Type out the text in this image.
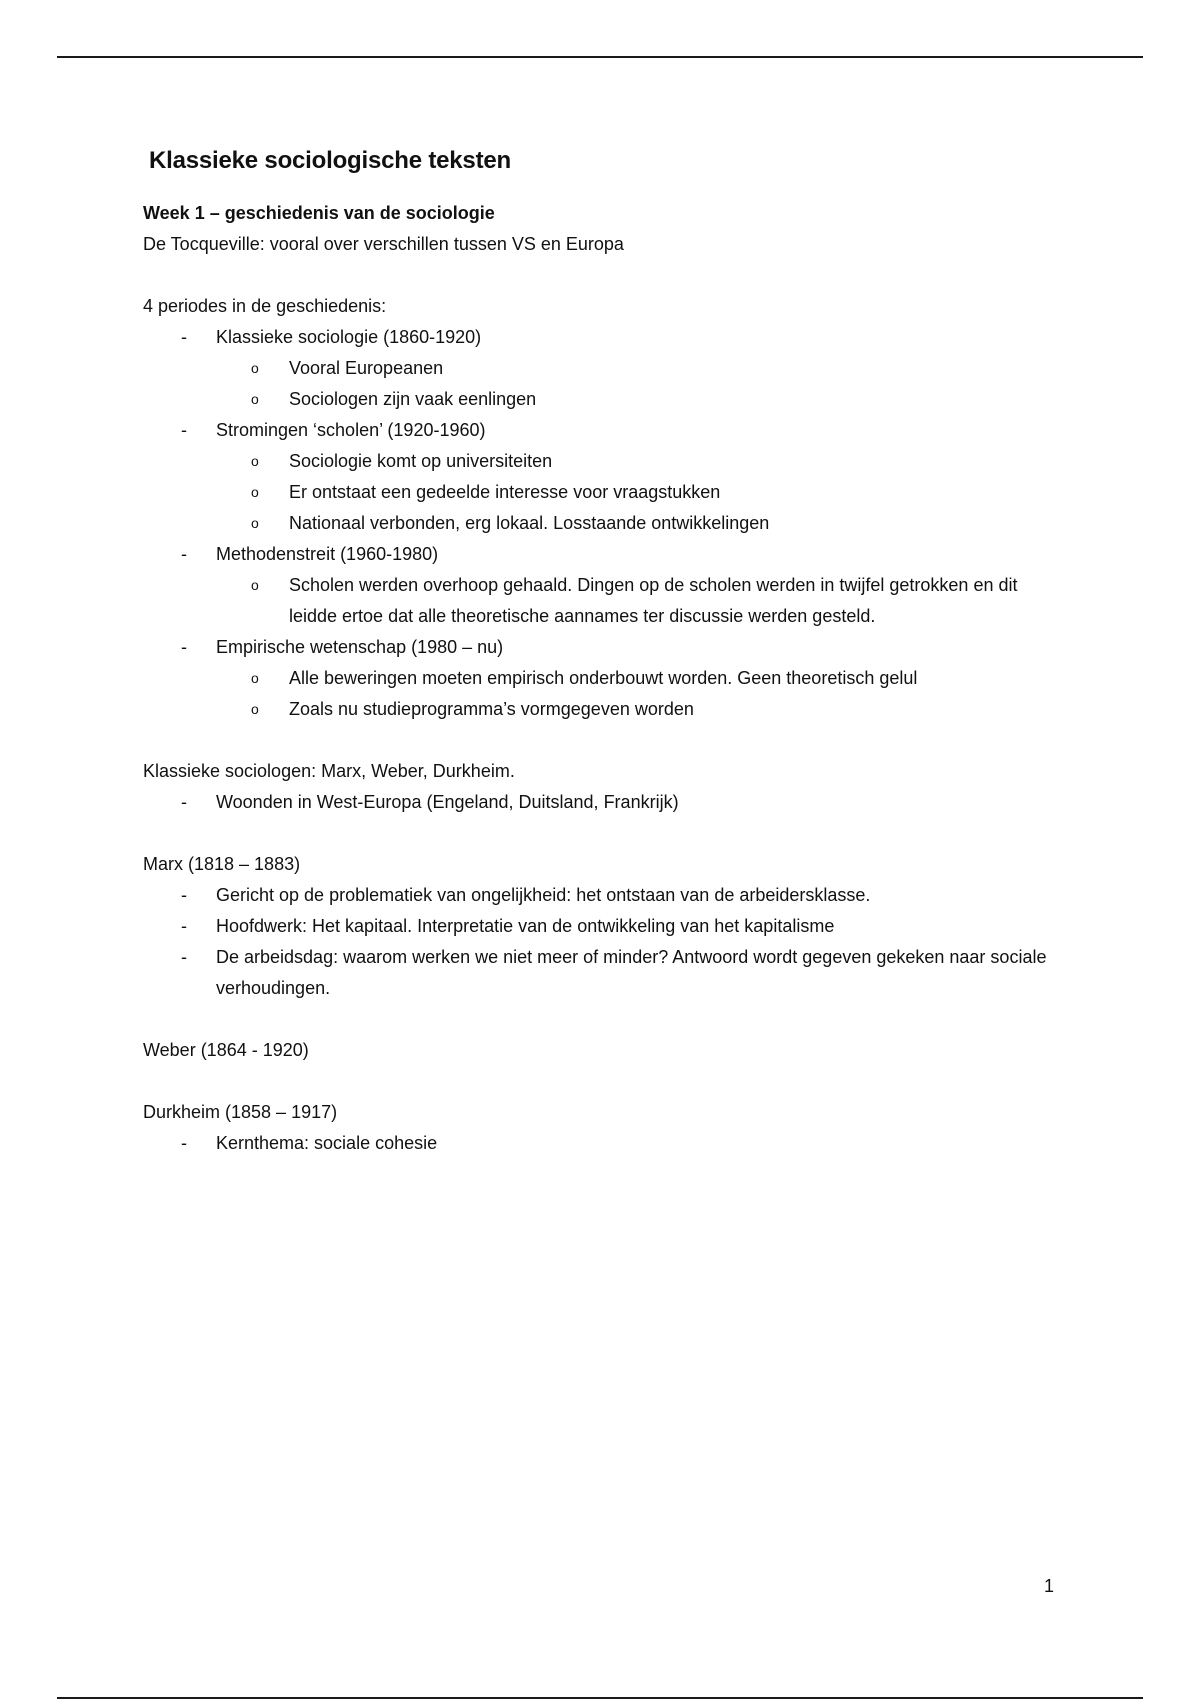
Klassieke sociologische teksten

Week 1 – geschiedenis van de sociologie

De Tocqueville: vooral over verschillen tussen VS en Europa

4 periodes in de geschiedenis:

- Klassieke sociologie (1860-1920)
o Vooral Europeanen
o Sociologen zijn vaak eenlingen
- Stromingen ‘scholen’ (1920-1960)
o Sociologie komt op universiteiten
o Er ontstaat een gedeelde interesse voor vraagstukken
o Nationaal verbonden, erg lokaal. Losstaande ontwikkelingen
- Methodenstreit (1960-1980)
o Scholen werden overhoop gehaald. Dingen op de scholen werden in twijfel getrokken en dit leidde ertoe dat alle theoretische aannames ter discussie werden gesteld.
- Empirische wetenschap (1980 – nu)
o Alle beweringen moeten empirisch onderbouwt worden. Geen theoretisch gelul
o Zoals nu studieprogramma’s vormgegeven worden

Klassieke sociologen: Marx, Weber, Durkheim.

- Woonden in West-Europa (Engeland, Duitsland, Frankrijk)

Marx (1818 – 1883)

- Gericht op de problematiek van ongelijkheid: het ontstaan van de arbeidersklasse.
- Hoofdwerk: Het kapitaal. Interpretatie van de ontwikkeling van het kapitalisme
- De arbeidsdag: waarom werken we niet meer of minder? Antwoord wordt gegeven gekeken naar sociale verhoudingen.

Weber (1864 - 1920)

Durkheim (1858 – 1917)

- Kernthema: sociale cohesie
1
